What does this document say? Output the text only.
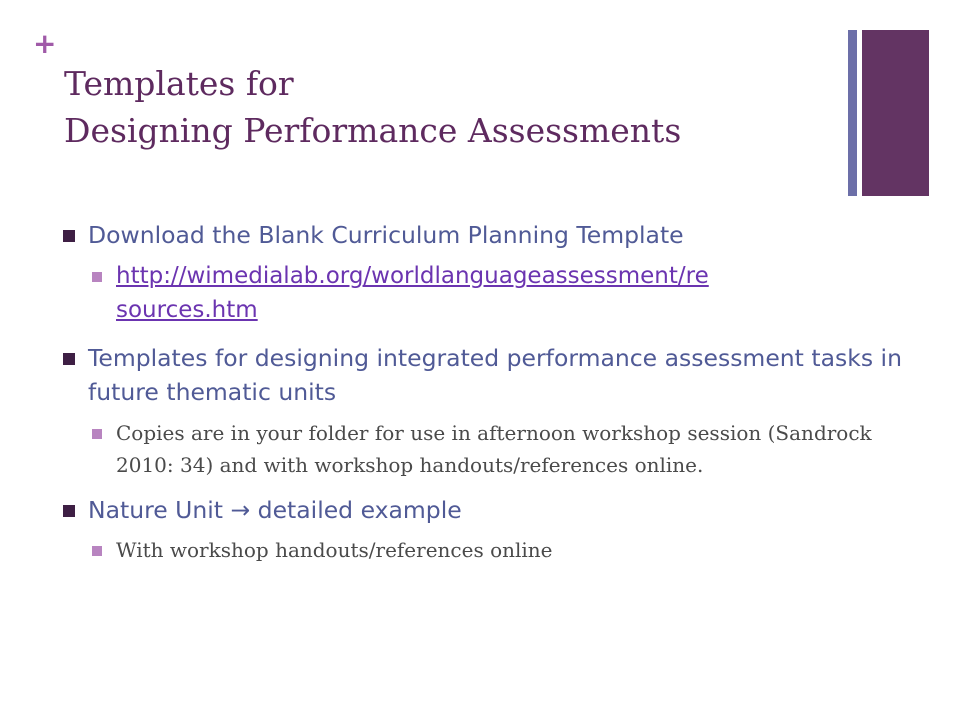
+
Templates for
Designing Performance Assessments
Download the Blank Curriculum Planning Template
http://wimedialab.org/worldlanguageassessment/re
sources.htm
Templates for designing integrated performance assessment tasks in future thematic units
Copies are in your folder for use in afternoon workshop session (Sandrock 2010: 34) and with workshop handouts/references online.
Nature Unit → detailed example
With workshop handouts/references online
